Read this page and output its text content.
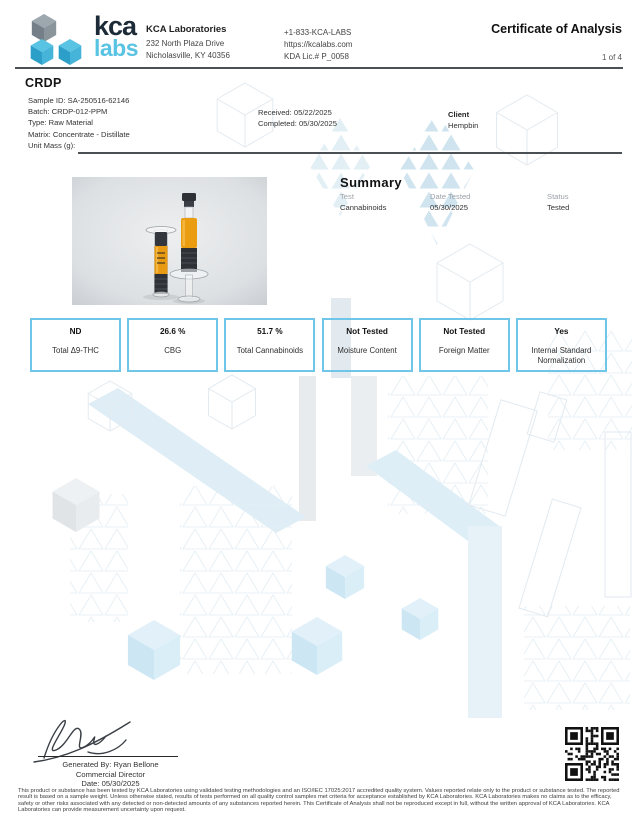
kca
labs
KCA Laboratories
232 North Plaza Drive
Nicholasville, KY 40356
+1-833-KCA-LABS
https://kcalabs.com
KDA Lic.# P_0058
Certificate of Analysis
1 of 4
CRDP
Sample ID: SA-250516-62146
Batch: CRDP-012-PPM
Type: Raw Material
Matrix: Concentrate - Distillate
Unit Mass (g):
Received: 05/22/2025
Completed: 05/30/2025
Client
Hempbin
Summary
Test
Cannabinoids
Date Tested
05/30/2025
Status
Tested
ND
Total Δ9-THC
26.6 %
CBG
51.7 %
Total Cannabinoids
Not Tested
Moisture Content
Not Tested
Foreign Matter
Yes
Internal Standard Normalization
Generated By: Ryan Bellone
Commercial Director
Date: 05/30/2025

This product or substance has been tested by KCA Laboratories using validated testing methodologies and an ISO/IEC 17025:2017 accredited quality system. Values reported relate only to the product or substance tested. The reported result is based on a sample weight. Unless otherwise stated, results of tests performed on all quality control samples met criteria for acceptance established by KCA Laboratories. KCA Laboratories makes no claims as to the efficacy, safety or other risks associated with any detected or non-detected amounts of any substances reported herein. This Certificate of Analysis shall not be reproduced except in full, without the written approval of KCA Laboratories. KCA Laboratories can provide measurement uncertainty upon request.
